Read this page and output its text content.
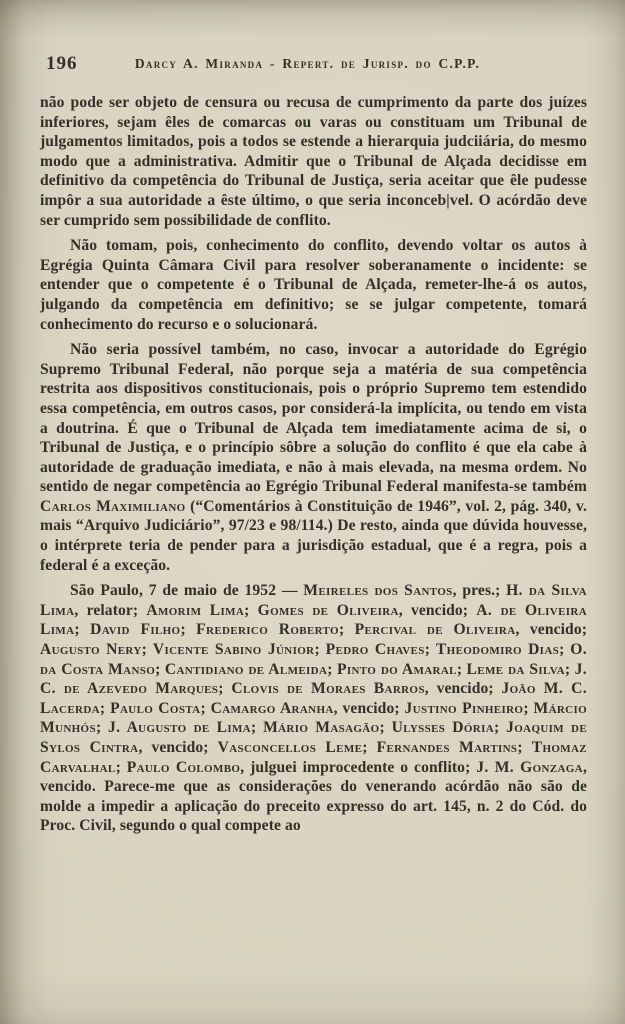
196	Darcy A. Miranda - Repert. de Jurisp. do C.P.P.

não pode ser objeto de censura ou recusa de cumprimento da parte dos juízes inferiores, sejam êles de comarcas ou varas ou constituam um Tribunal de julgamentos limitados, pois a todos se estende a hierarquia judciiária, do mesmo modo que a administrativa. Admitir que o Tribunal de Alçada decidisse em definitivo da competência do Tribunal de Justiça, seria aceitar que êle pudesse impôr a sua autoridade a êste último, o que seria inconceb|vel. O acórdão deve ser cumprido sem possibilidade de conflito.

Não tomam, pois, conhecimento do conflito, devendo voltar os autos à Egrégia Quinta Câmara Civil para resolver soberanamente o incidente: se entender que o competente é o Tribunal de Alçada, remeter-lhe-á os autos, julgando da competência em definitivo; se se julgar competente, tomará conhecimento do recurso e o solucionará.

Não seria possível também, no caso, invocar a autoridade do Egrégio Supremo Tribunal Federal, não porque seja a matéria de sua competência restrita aos dispositivos constitucionais, pois o próprio Supremo tem estendido essa competência, em outros casos, por considerá-la implícita, ou tendo em vista a doutrina. É que o Tribunal de Alçada tem imediatamente acima de si, o Tribunal de Justiça, e o princípio sôbre a solução do conflito é que ela cabe à autoridade de graduação imediata, e não à mais elevada, na mesma ordem. No sentido de negar competência ao Egrégio Tribunal Federal manifesta-se também Carlos Maximiliano (“Comentários à Constituição de 1946”, vol. 2, pág. 340, v. mais “Arquivo Judiciário”, 97/23 e 98/114.) De resto, ainda que dúvida houvesse, o intérprete teria de pender para a jurisdição estadual, que é a regra, pois a federal é a exceção.

São Paulo, 7 de maio de 1952 — Meireles dos Santos, pres.; H. da Silva Lima, relator; Amorim Lima; Gomes de Oliveira, vencido; A. de Oliveira Lima; David Filho; Frederico Roberto; Percival de Oliveira, vencido; Augusto Nery; Vicente Sabino Júnior; Pedro Chaves; Theodomiro Dias; O. da Costa Manso; Cantidiano de Almeida; Pinto do Amaral; Leme da Silva; J. C. de Azevedo Marques; Clovis de Moraes Barros, vencido; João M. C. Lacerda; Paulo Costa; Camargo Aranha, vencido; Justino Pinheiro; Márcio Munhós; J. Augusto de Lima; Mário Masagão; Ulysses Dória; Joaquim de Sylos Cintra, vencido; Vasconcellos Leme; Fernandes Martins; Thomaz Carvalhal; Paulo Colombo, julguei improcedente o conflito; J. M. Gonzaga, vencido. Parece-me que as considerações do venerando acórdão não são de molde a impedir a aplicação do preceito expresso do art. 145, n. 2 do Cód. do Proc. Civil, segundo o qual compete ao
